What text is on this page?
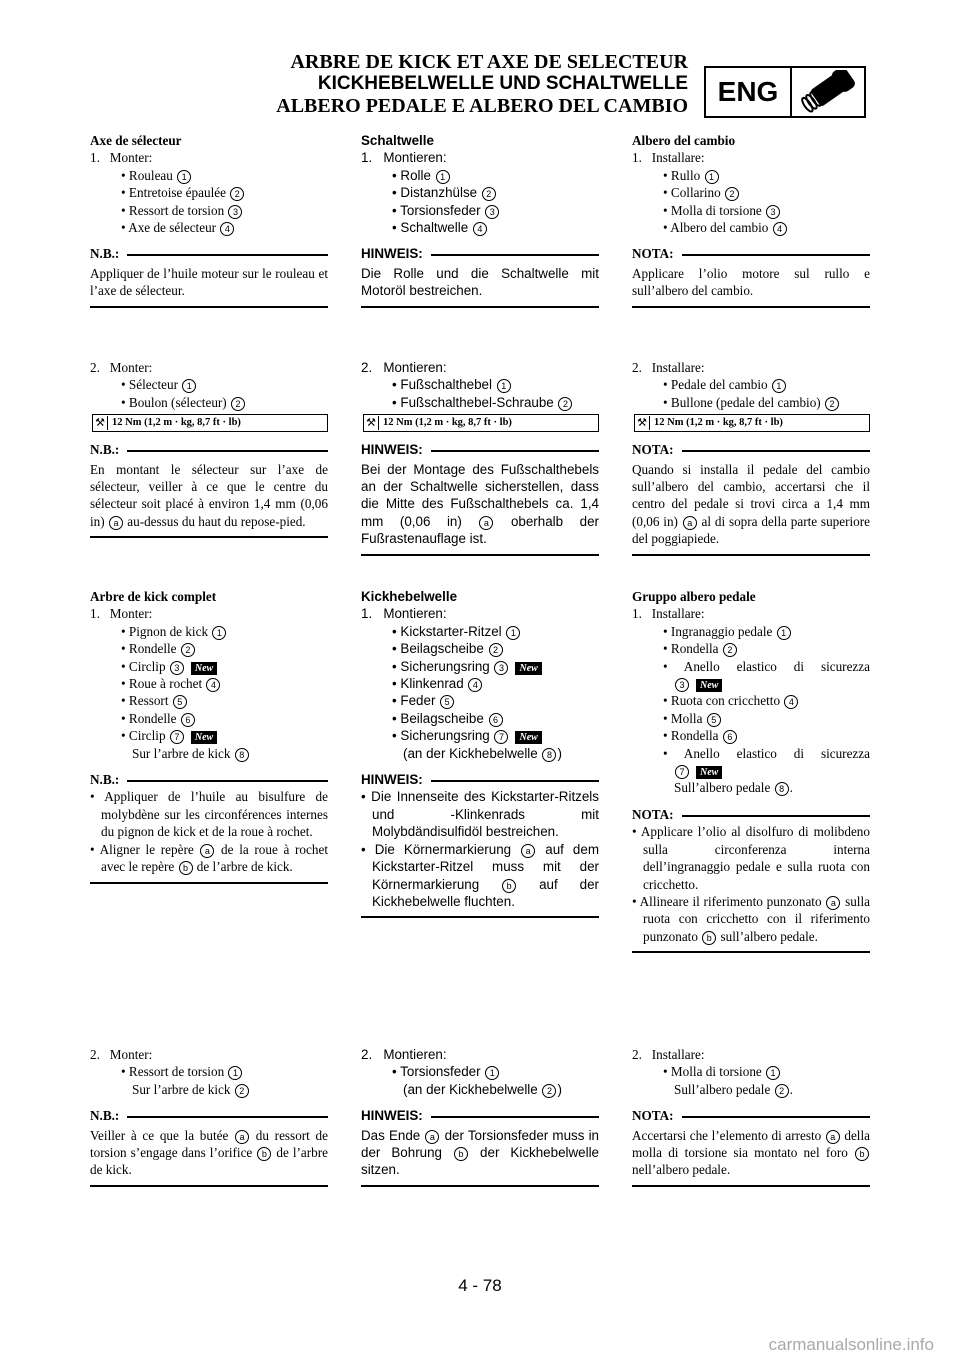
ARBRE DE KICK ET AXE DE SELECTEUR
KICKHEBELWELLE UND SCHALTWELLE
ALBERO PEDALE E ALBERO DEL CAMBIO	ENG
Axe de sélecteur
1.   Monter:
• Rouleau 1
• Entretoise épaulée 2
• Ressort de torsion 3
• Axe de sélecteur 4
N.B.:
Appliquer de l’huile moteur sur le rouleau et l’axe de sélecteur.
2.   Monter:
• Sélecteur 1
• Boulon (sélecteur) 2
⚒ 12 Nm (1,2 m · kg, 8,7 ft · lb)
N.B.:
En montant le sélecteur sur l’axe de sélecteur, veiller à ce que le centre du sélecteur soit placé à environ 1,4 mm (0,06 in) a au-dessus du haut du repose-pied.
Arbre de kick complet
1.   Monter:
• Pignon de kick 1
• Rondelle 2
• Circlip 3 New
• Roue à rochet 4
• Ressort 5
• Rondelle 6
• Circlip 7 New
Sur l’arbre de kick 8
N.B.:
• Appliquer de l’huile au bisulfure de molybdène sur les circonférences internes du pignon de kick et de la roue à rochet.
• Aligner le repère a de la roue à rochet avec le repère b de l’arbre de kick.
2.   Monter:
• Ressort de torsion 1
Sur l’arbre de kick 2
N.B.:
Veiller à ce que la butée a du ressort de torsion s’engage dans l’orifice b de l’arbre de kick.
Schaltwelle
1.   Montieren:
• Rolle 1
• Distanzhülse 2
• Torsionsfeder 3
• Schaltwelle 4
HINWEIS:
Die Rolle und die Schaltwelle mit Motoröl bestreichen.
2.   Montieren:
• Fußschalthebel 1
• Fußschalthebel-Schraube 2
⚒ 12 Nm (1,2 m · kg, 8,7 ft · lb)
HINWEIS:
Bei der Montage des Fußschalthebels an der Schaltwelle sicherstellen, dass die Mitte des Fußschalthebels ca. 1,4 mm (0,06 in) a oberhalb der Fußrastenauflage ist.
Kickhebelwelle
1.   Montieren:
• Kickstarter-Ritzel 1
• Beilagscheibe 2
• Sicherungsring 3 New
• Klinkenrad 4
• Feder 5
• Beilagscheibe 6
• Sicherungsring 7 New
(an der Kickhebelwelle 8 )
HINWEIS:
• Die Innenseite des Kickstarter-Ritzels und -Klinkenrads mit Molybdändisulfidöl bestreichen.
• Die Körnermarkierung a auf dem Kickstarter-Ritzel muss mit der Körnermarkierung b auf der Kickhebelwelle fluchten.
2.   Montieren:
• Torsionsfeder 1
(an der Kickhebelwelle 2 )
HINWEIS:
Das Ende a der Torsionsfeder muss in der Bohrung b der Kickhebelwelle sitzen.
Albero del cambio
1.   Installare:
• Rullo 1
• Collarino 2
• Molla di torsione 3
• Albero del cambio 4
NOTA:
Applicare l’olio motore sul rullo e sull’albero del cambio.
2.   Installare:
• Pedale del cambio 1
• Bullone (pedale del cambio) 2
⚒ 12 Nm (1,2 m · kg, 8,7 ft · lb)
NOTA:
Quando si installa il pedale del cambio sull’albero del cambio, accertarsi che il centro del pedale si trovi circa a 1,4 mm (0,06 in) a al di sopra della parte superiore del poggiapiede.
Gruppo albero pedale
1.   Installare:
• Ingranaggio pedale 1
• Rondella 2
• Anello elastico di sicurezza
3 New
• Ruota con cricchetto 4
• Molla 5
• Rondella 6
• Anello elastico di sicurezza
7 New
Sull’albero pedale 8 .
NOTA:
• Applicare l’olio al disolfuro di molibdeno sulla circonferenza interna dell’ingranaggio pedale e sulla ruota con cricchetto.
• Allineare il riferimento punzonato a sulla ruota con cricchetto con il riferimento punzonato b sull’albero pedale.
2.   Installare:
• Molla di torsione 1
Sull’albero pedale 2 .
NOTA:
Accertarsi che l’elemento di arresto a della molla di torsione sia montato nel foro b nell’albero pedale.
4 - 78
carmanualsonline.info
